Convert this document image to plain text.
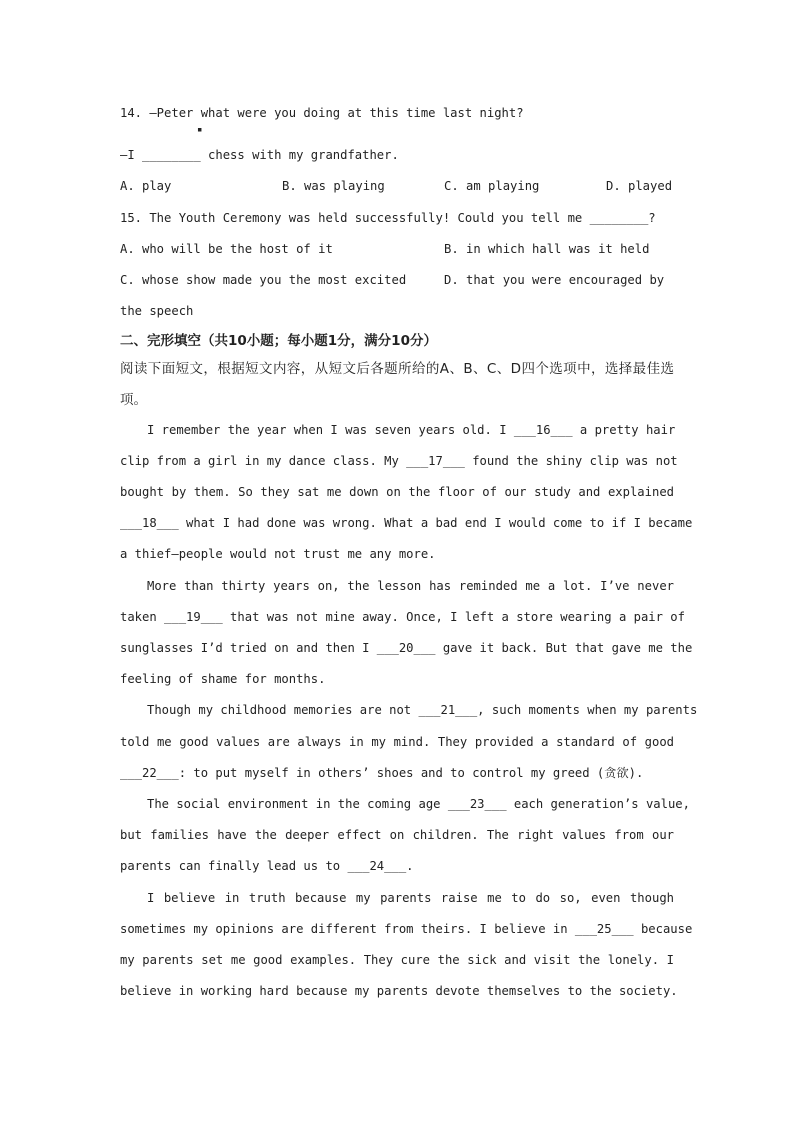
14. —Peter what were you doing at this time last night?
▪
—I ________ chess with my grandfather.
A. play	B. was playing	C. am playing	D. played
15. The Youth Ceremony was held successfully! Could you tell me ________?
A. who will be the host of it	B. in which hall was it held
C. whose show made you the most excited	D. that you were encouraged by
the speech
二、完形填空（共10小题；每小题1分，满分10分）
阅读下面短文，根据短文内容，从短文后各题所给的A、B、C、D四个选项中，选择最佳选
项。
I remember the year when I was seven years old. I ___16___ a pretty hair
clip from a girl in my dance class. My ___17___ found the shiny clip was not
bought by them. So they sat me down on the floor of our study and explained
___18___ what I had done was wrong. What a bad end I would come to if I became
a thief—people would not trust me any more.
More than thirty years on, the lesson has reminded me a lot. I’ve never
taken ___19___ that was not mine away. Once, I left a store wearing a pair of
sunglasses I’d tried on and then I ___20___ gave it back. But that gave me the
feeling of shame for months.
Though my childhood memories are not ___21___, such moments when my parents
told me good values are always in my mind. They provided a standard of good
___22___: to put myself in others’ shoes and to control my greed (贪欲).
The social environment in the coming age ___23___ each generation’s value,
but families have the deeper effect on children. The right values from our
parents can finally lead us to ___24___.
I believe in truth because my parents raise me to do so, even though
sometimes my opinions are different from theirs. I believe in ___25___ because
my parents set me good examples. They cure the sick and visit the lonely. I
believe in working hard because my parents devote themselves to the society.
